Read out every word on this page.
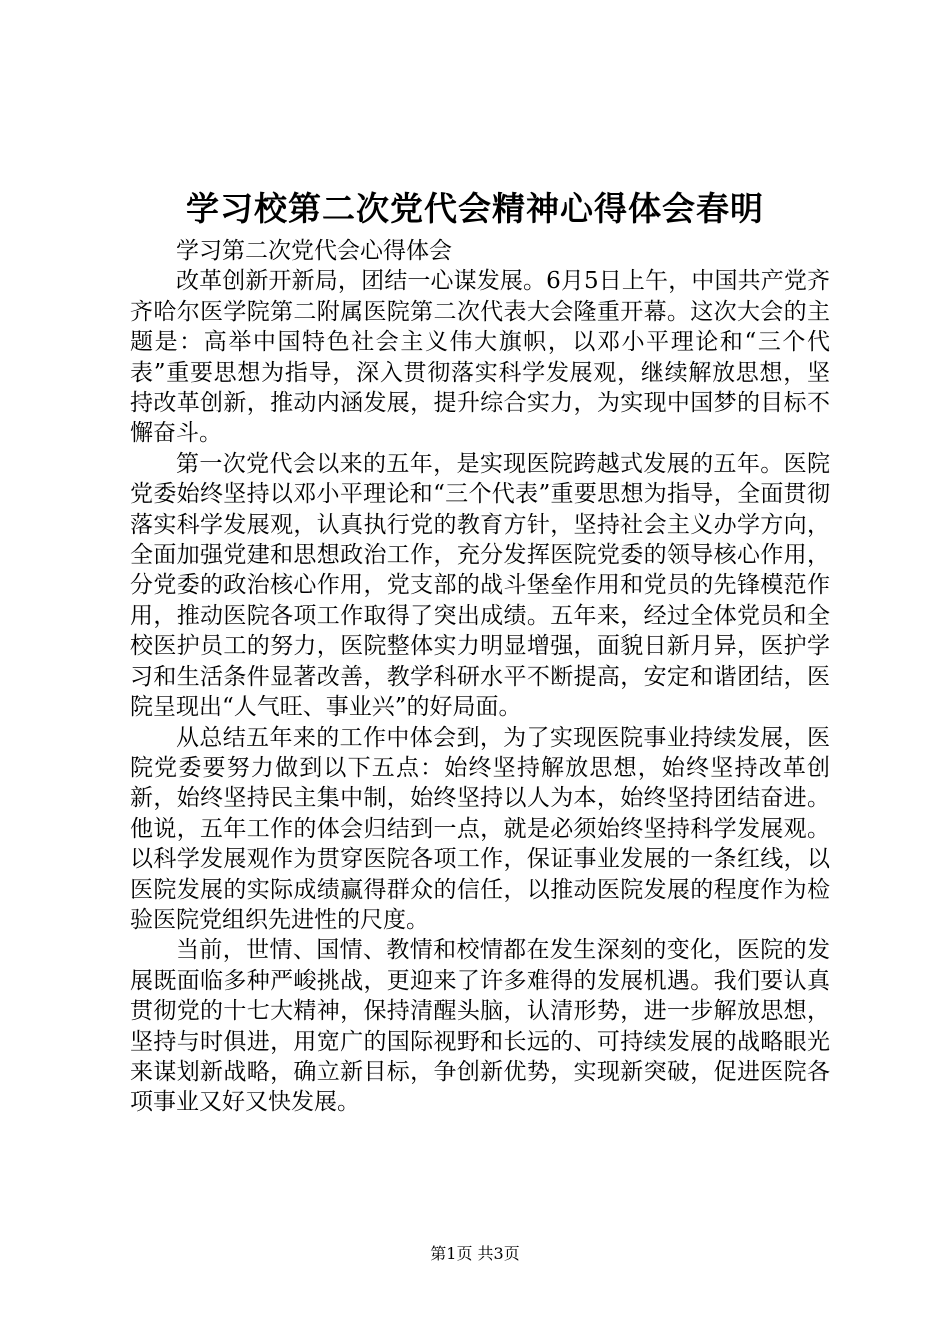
学习校第二次党代会精神心得体会春明

学习第二次党代会心得体会

改革创新开新局，团结一心谋发展。6月5日上午，中国共产党齐齐哈尔医学院第二附属医院第二次代表大会隆重开幕。这次大会的主题是：高举中国特色社会主义伟大旗帜，以邓小平理论和“三个代表”重要思想为指导，深入贯彻落实科学发展观，继续解放思想，坚持改革创新，推动内涵发展，提升综合实力，为实现中国梦的目标不懈奋斗。

第一次党代会以来的五年，是实现医院跨越式发展的五年。医院党委始终坚持以邓小平理论和“三个代表”重要思想为指导，全面贯彻落实科学发展观，认真执行党的教育方针，坚持社会主义办学方向，全面加强党建和思想政治工作，充分发挥医院党委的领导核心作用，分党委的政治核心作用，党支部的战斗堡垒作用和党员的先锋模范作用，推动医院各项工作取得了突出成绩。五年来，经过全体党员和全校医护员工的努力，医院整体实力明显增强，面貌日新月异，医护学习和生活条件显著改善，教学科研水平不断提高，安定和谐团结，医院呈现出“人气旺、事业兴”的好局面。

从总结五年来的工作中体会到，为了实现医院事业持续发展，医院党委要努力做到以下五点：始终坚持解放思想，始终坚持改革创新，始终坚持民主集中制，始终坚持以人为本，始终坚持团结奋进。他说，五年工作的体会归结到一点，就是必须始终坚持科学发展观。以科学发展观作为贯穿医院各项工作，保证事业发展的一条红线，以医院发展的实际成绩赢得群众的信任，以推动医院发展的程度作为检验医院党组织先进性的尺度。

当前，世情、国情、教情和校情都在发生深刻的变化，医院的发展既面临多种严峻挑战，更迎来了许多难得的发展机遇。我们要认真贯彻党的十七大精神，保持清醒头脑，认清形势，进一步解放思想，坚持与时俱进，用宽广的国际视野和长远的、可持续发展的战略眼光来谋划新战略，确立新目标，争创新优势，实现新突破，促进医院各项事业又好又快发展。

第1页 共3页
